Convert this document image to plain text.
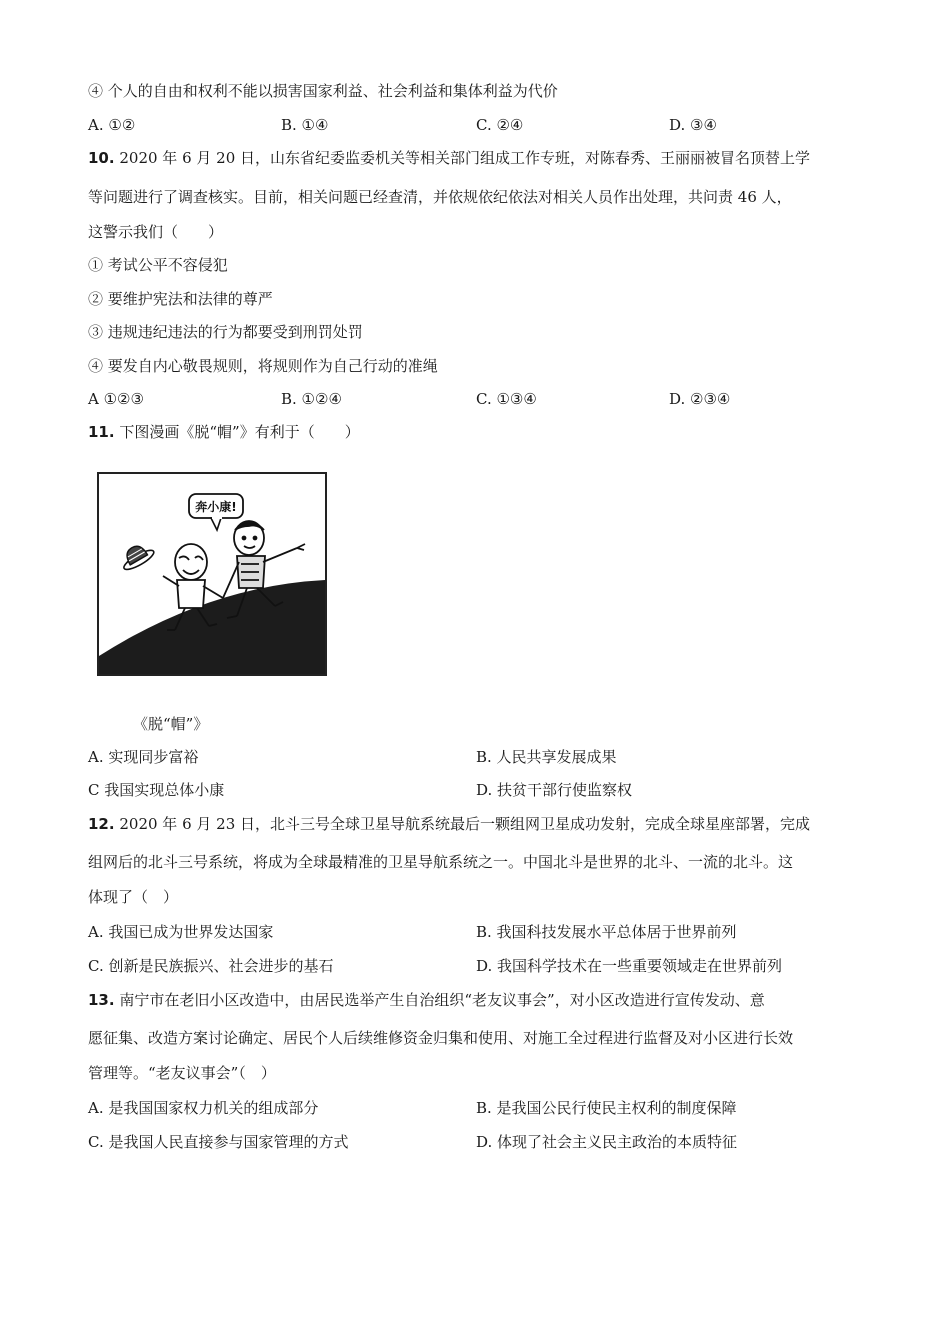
④ 个人的自由和权利不能以损害国家利益、社会利益和集体利益为代价
A. ①②	B. ①④	C. ②④	D. ③④
10. 2020 年 6 月 20 日，山东省纪委监委机关等相关部门组成工作专班，对陈春秀、王丽丽被冒名顶替上学
等问题进行了调查核实。目前，相关问题已经查清，并依规依纪依法对相关人员作出处理，共问责 46 人，
这警示我们（　　）
① 考试公平不容侵犯
② 要维护宪法和法律的尊严
③ 违规违纪违法的行为都要受到刑罚处罚
④ 要发自内心敬畏规则，将规则作为自己行动的准绳
A ①②③	B. ①②④	C. ①③④	D. ②③④
11. 下图漫画《脱“帽”》有利于（　　）
奔小康!
《脱“帽”》
A. 实现同步富裕	B. 人民共享发展成果
C 我国实现总体小康	D. 扶贫干部行使监察权
12. 2020 年 6 月 23 日，北斗三号全球卫星导航系统最后一颗组网卫星成功发射，完成全球星座部署，完成
组网后的北斗三号系统，将成为全球最精准的卫星导航系统之一。中国北斗是世界的北斗、一流的北斗。这
体现了（　）
A. 我国已成为世界发达国家	B. 我国科技发展水平总体居于世界前列
C. 创新是民族振兴、社会进步的基石	D. 我国科学技术在一些重要领域走在世界前列
13. 南宁市在老旧小区改造中，由居民选举产生自治组织“老友议事会”，对小区改造进行宣传发动、意
愿征集、改造方案讨论确定、居民个人后续维修资金归集和使用、对施工全过程进行监督及对小区进行长效
管理等。“老友议事会”（　）
A. 是我国国家权力机关的组成部分	B. 是我国公民行使民主权利的制度保障
C. 是我国人民直接参与国家管理的方式	D. 体现了社会主义民主政治的本质特征
